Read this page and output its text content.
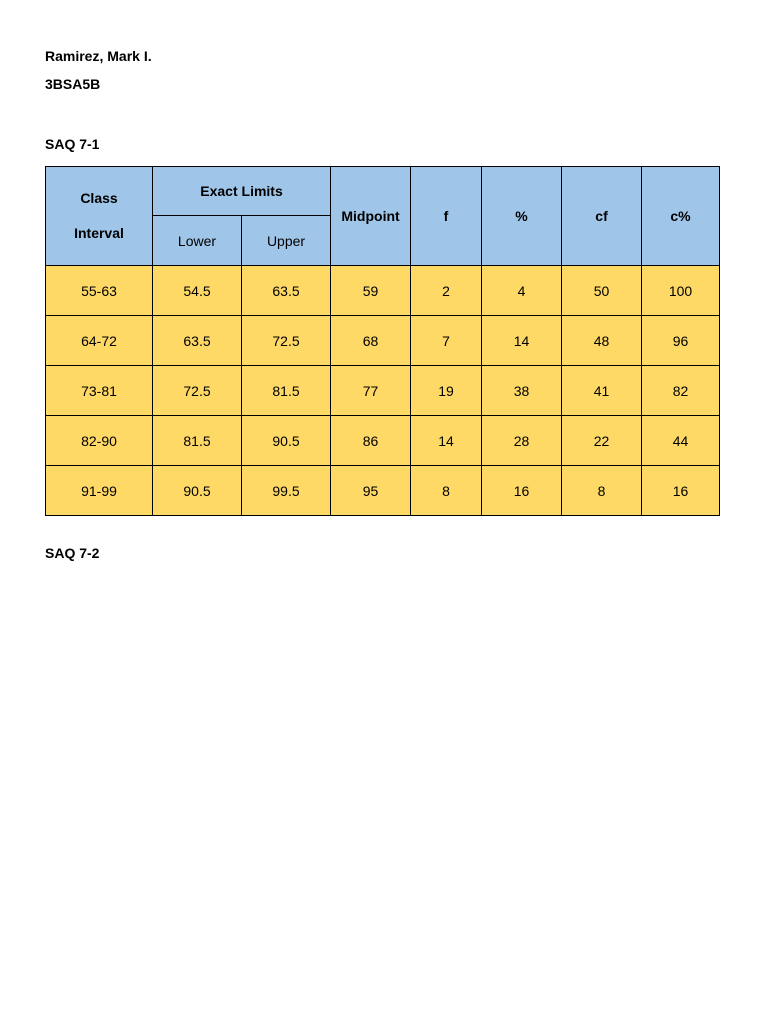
Ramirez, Mark I.
3BSA5B
SAQ 7-1
Class
Interval	Exact Limits		Midpoint	f	%	cf	c%
	Lower	Upper					
55-63	54.5	63.5	59	2	4	50	100
64-72	63.5	72.5	68	7	14	48	96
73-81	72.5	81.5	77	19	38	41	82
82-90	81.5	90.5	86	14	28	22	44
91-99	90.5	99.5	95	8	16	8	16
SAQ 7-2
